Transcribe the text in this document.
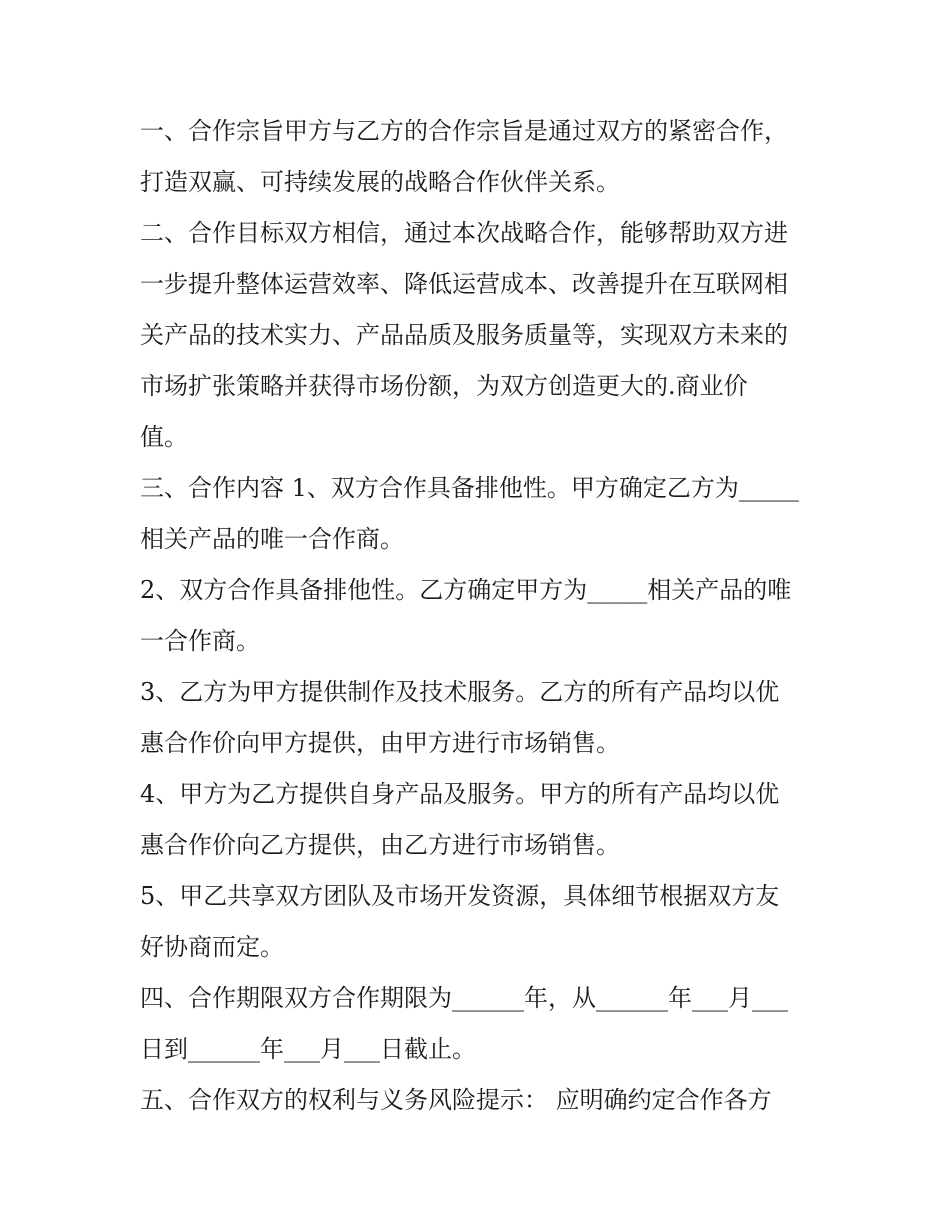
一、合作宗旨甲方与乙方的合作宗旨是通过双方的紧密合作，
打造双赢、可持续发展的战略合作伙伴关系。
二、合作目标双方相信，通过本次战略合作，能够帮助双方进
一步提升整体运营效率、降低运营成本、改善提升在互联网相
关产品的技术实力、产品品质及服务质量等，实现双方未来的
市场扩张策略并获得市场份额，为双方创造更大的.商业价
值。
三、合作内容 1、双方合作具备排他性。甲方确定乙方为_____
相关产品的唯一合作商。
2、双方合作具备排他性。乙方确定甲方为_____相关产品的唯
一合作商。
3、乙方为甲方提供制作及技术服务。乙方的所有产品均以优
惠合作价向甲方提供，由甲方进行市场销售。
4、甲方为乙方提供自身产品及服务。甲方的所有产品均以优
惠合作价向乙方提供，由乙方进行市场销售。
5、甲乙共享双方团队及市场开发资源，具体细节根据双方友
好协商而定。
四、合作期限双方合作期限为______年，从______年___月___
日到______年___月___日截止。
五、合作双方的权利与义务风险提示： 应明确约定合作各方
